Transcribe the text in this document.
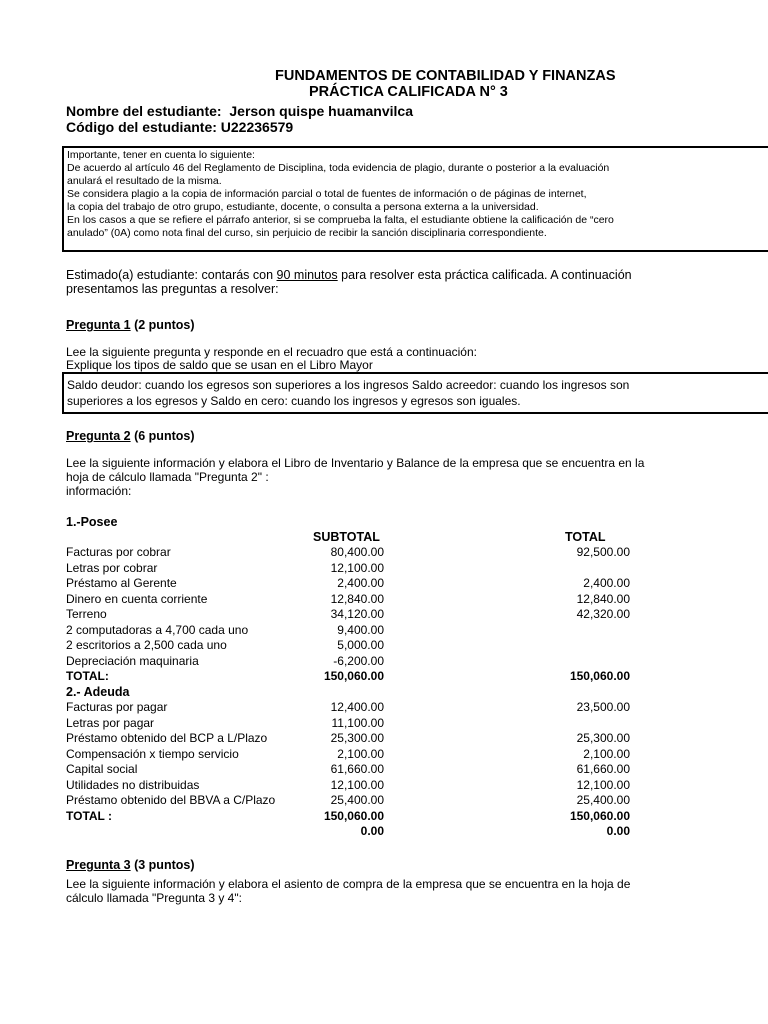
FUNDAMENTOS DE CONTABILIDAD Y FINANZAS
PRÁCTICA CALIFICADA N° 3
Nombre del estudiante: Jerson quispe huamanvilca
Código del estudiante: U22236579
Importante, tener en cuenta lo siguiente:
De acuerdo al artículo 46 del Reglamento de Disciplina, toda evidencia de plagio, durante o posterior a la evaluación
anulará el resultado de la misma.
Se considera plagio a la copia de información parcial o total de fuentes de información o de páginas de internet,
la copia del trabajo de otro grupo, estudiante, docente, o consulta a persona externa a la universidad.
En los casos a que se refiere el párrafo anterior, si se comprueba la falta, el estudiante obtiene la calificación de “cero
anulado” (0A) como nota final del curso, sin perjuicio de recibir la sanción disciplinaria correspondiente.
Estimado(a) estudiante: contarás con 90 minutos para resolver esta práctica calificada. A continuación
presentamos las preguntas a resolver:
Pregunta 1 (2 puntos)
Lee la siguiente pregunta y responde en el recuadro que está a continuación:
Explique los tipos de saldo que se usan en el Libro Mayor
Saldo deudor: cuando los egresos son superiores a los ingresos Saldo acreedor: cuando los ingresos son
superiores a los egresos y Saldo en cero: cuando los ingresos y egresos son iguales.
Pregunta 2 (6 puntos)
Lee la siguiente información y elabora el Libro de Inventario y Balance de la empresa que se encuentra en la
hoja de cálculo llamada "Pregunta 2" :
información:
1.-Posee
SUBTOTAL	TOTAL
Facturas por cobrar	80,400.00	92,500.00
Letras por cobrar	12,100.00
Préstamo al Gerente	2,400.00	2,400.00
Dinero en cuenta corriente	12,840.00	12,840.00
Terreno	34,120.00	42,320.00
2 computadoras a 4,700 cada uno	9,400.00
2 escritorios a 2,500 cada uno	5,000.00
Depreciación maquinaria	-6,200.00
TOTAL:	150,060.00	150,060.00
2.- Adeuda
Facturas por pagar	12,400.00	23,500.00
Letras por pagar	11,100.00
Préstamo obtenido del BCP a L/Plazo	25,300.00	25,300.00
Compensación x tiempo servicio	2,100.00	2,100.00
Capital social	61,660.00	61,660.00
Utilidades no distribuidas	12,100.00	12,100.00
Préstamo obtenido del BBVA a C/Plazo	25,400.00	25,400.00
TOTAL :	150,060.00	150,060.00
0.00	0.00
Pregunta 3 (3 puntos)
Lee la siguiente información y elabora el asiento de compra de la empresa que se encuentra en la hoja de
cálculo llamada "Pregunta 3 y 4":
